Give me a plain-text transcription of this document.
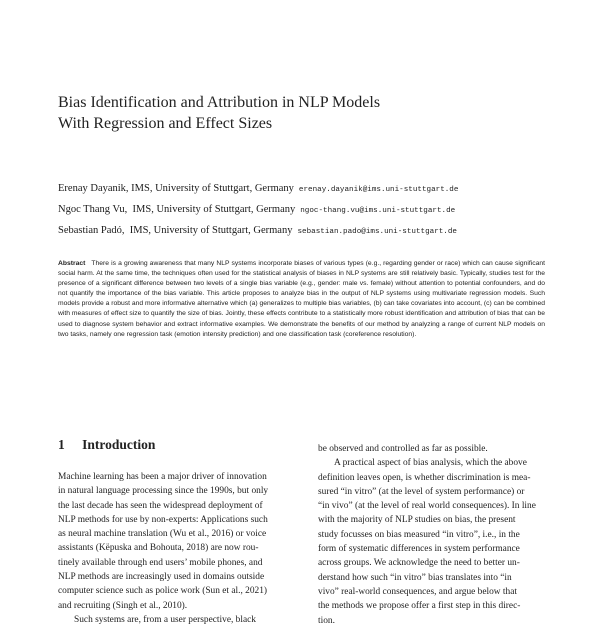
Bias Identification and Attribution in NLP Models
With Regression and Effect Sizes
Erenay Dayanik, IMS, University of Stuttgart, Germany erenay.dayanik@ims.uni-stuttgart.de
Ngoc Thang Vu,  IMS, University of Stuttgart, Germany ngoc-thang.vu@ims.uni-stuttgart.de
Sebastian Padó,  IMS, University of Stuttgart, Germany sebastian.pado@ims.uni-stuttgart.de
Abstract There is a growing awareness that many NLP systems incorporate biases of various types (e.g., regarding gender or race) which can cause significant social harm. At the same time, the techniques often used for the statistical analysis of biases in NLP systems are still relatively basic. Typically, studies test for the presence of a significant difference between two levels of a single bias variable (e.g., gender: male vs. female) without attention to potential confounders, and do not quantify the importance of the bias variable. This article proposes to analyze bias in the output of NLP systems using multivariate regression models. Such models provide a robust and more informative alternative which (a) generalizes to multiple bias variables, (b) can take covariates into account, (c) can be combined with measures of effect size to quantify the size of bias. Jointly, these effects contribute to a statistically more robust identification and attribution of bias that can be used to diagnose system behavior and extract informative examples. We demonstrate the benefits of our method by analyzing a range of current NLP models on two tasks, namely one regression task (emotion intensity prediction) and one classification task (coreference resolution).
1 Introduction
Machine learning has been a major driver of innovation
in natural language processing since the 1990s, but only
the last decade has seen the widespread deployment of
NLP methods for use by non-experts: Applications such
as neural machine translation (Wu et al., 2016) or voice
assistants (Këpuska and Bohouta, 2018) are now rou-
tinely available through end users’ mobile phones, and
NLP methods are increasingly used in domains outside
computer science such as police work (Sun et al., 2021)
and recruiting (Singh et al., 2010).
Such systems are, from a user perspective, black
be observed and controlled as far as possible.
A practical aspect of bias analysis, which the above
definition leaves open, is whether discrimination is mea-
sured “in vitro” (at the level of system performance) or
“in vivo” (at the level of real world consequences). In line
with the majority of NLP studies on bias, the present
study focusses on bias measured “in vitro”, i.e., in the
form of systematic differences in system performance
across groups. We acknowledge the need to better un-
derstand how such “in vitro” bias translates into “in
vivo” real-world consequences, and argue below that
the methods we propose offer a first step in this direc-
tion.
